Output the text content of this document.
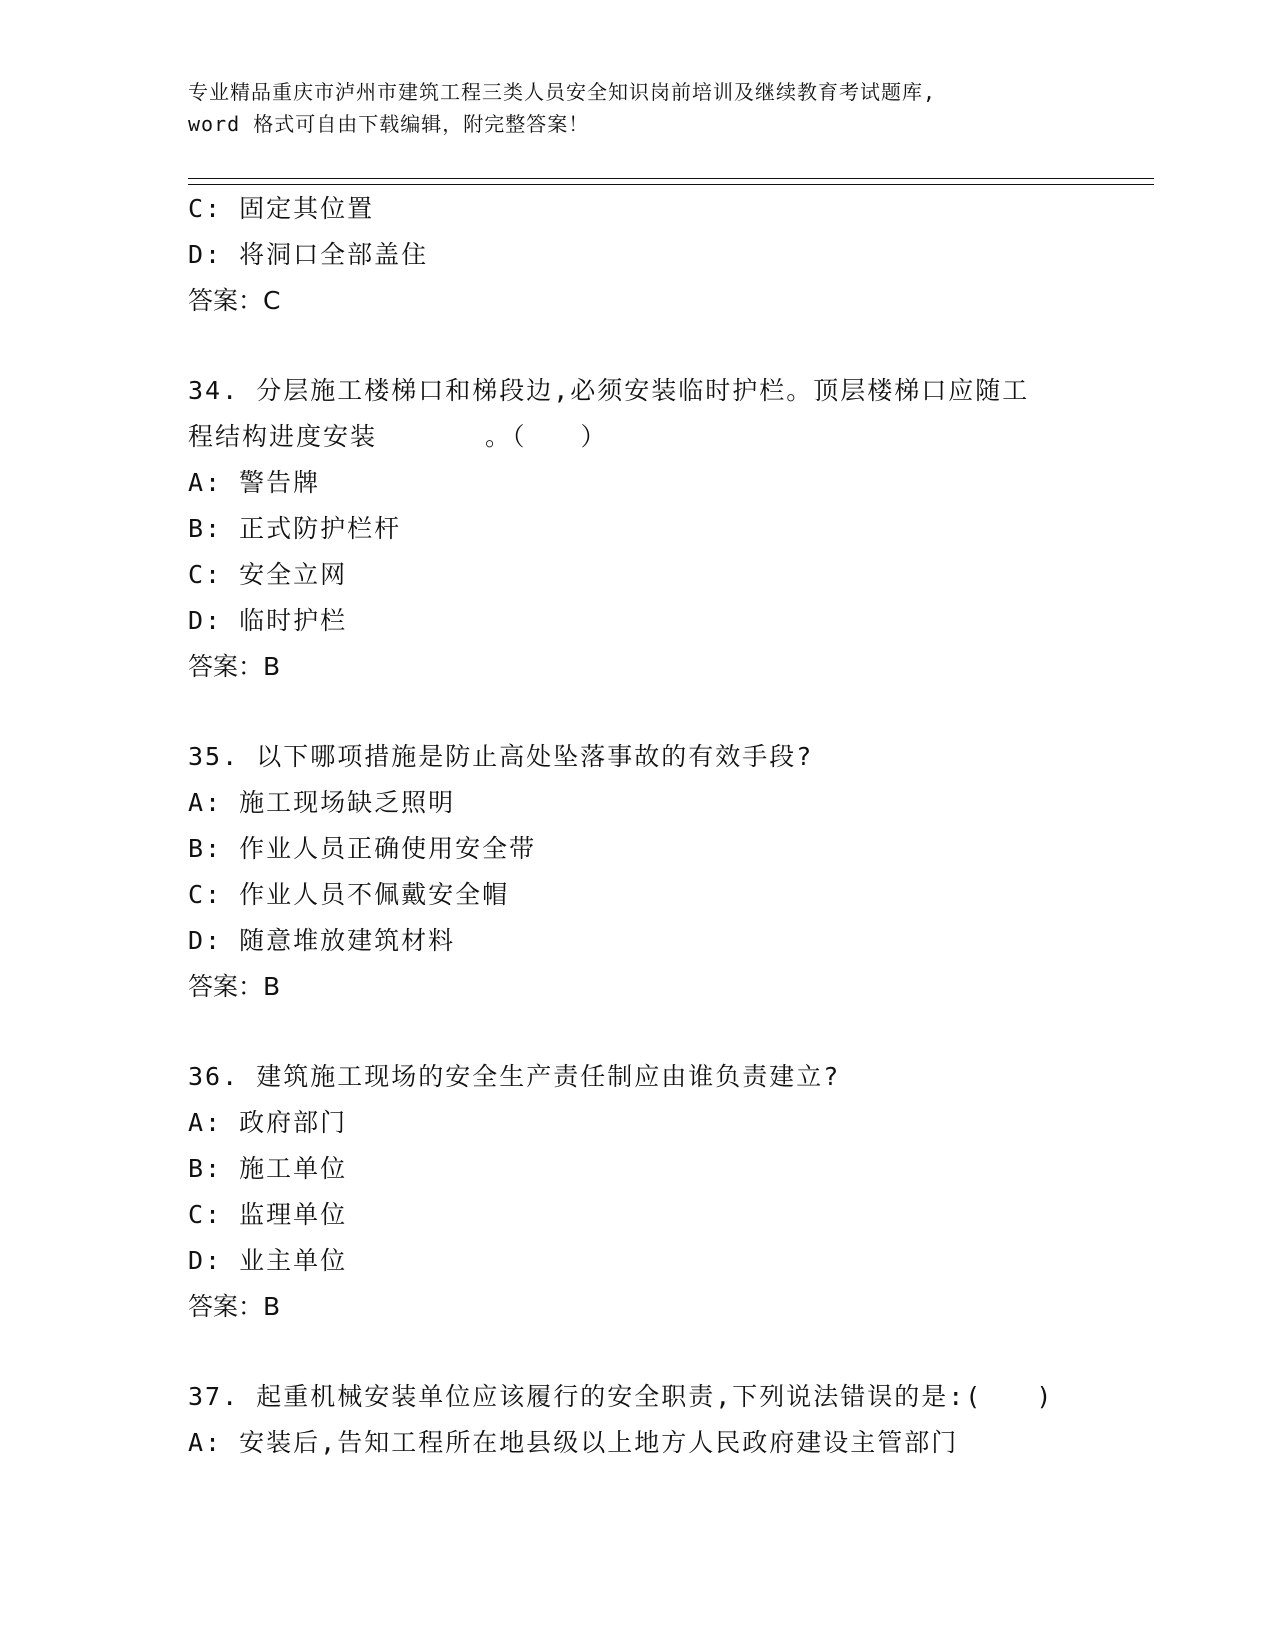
专业精品重庆市泸州市建筑工程三类人员安全知识岗前培训及继续教育考试题库,
word 格式可自由下载编辑，附完整答案！
C: 固定其位置
D: 将洞口全部盖住
答案：C
34. 分层施工楼梯口和梯段边,必须安装临时护栏。顶层楼梯口应随工
程结构进度安装　　　　。（　　）
A: 警告牌
B: 正式防护栏杆
C: 安全立网
D: 临时护栏
答案：B
35. 以下哪项措施是防止高处坠落事故的有效手段?
A: 施工现场缺乏照明
B: 作业人员正确使用安全带
C: 作业人员不佩戴安全帽
D: 随意堆放建筑材料
答案：B
36. 建筑施工现场的安全生产责任制应由谁负责建立?
A: 政府部门
B: 施工单位
C: 监理单位
D: 业主单位
答案：B
37. 起重机械安装单位应该履行的安全职责,下列说法错误的是:(　　)
A: 安装后,告知工程所在地县级以上地方人民政府建设主管部门
